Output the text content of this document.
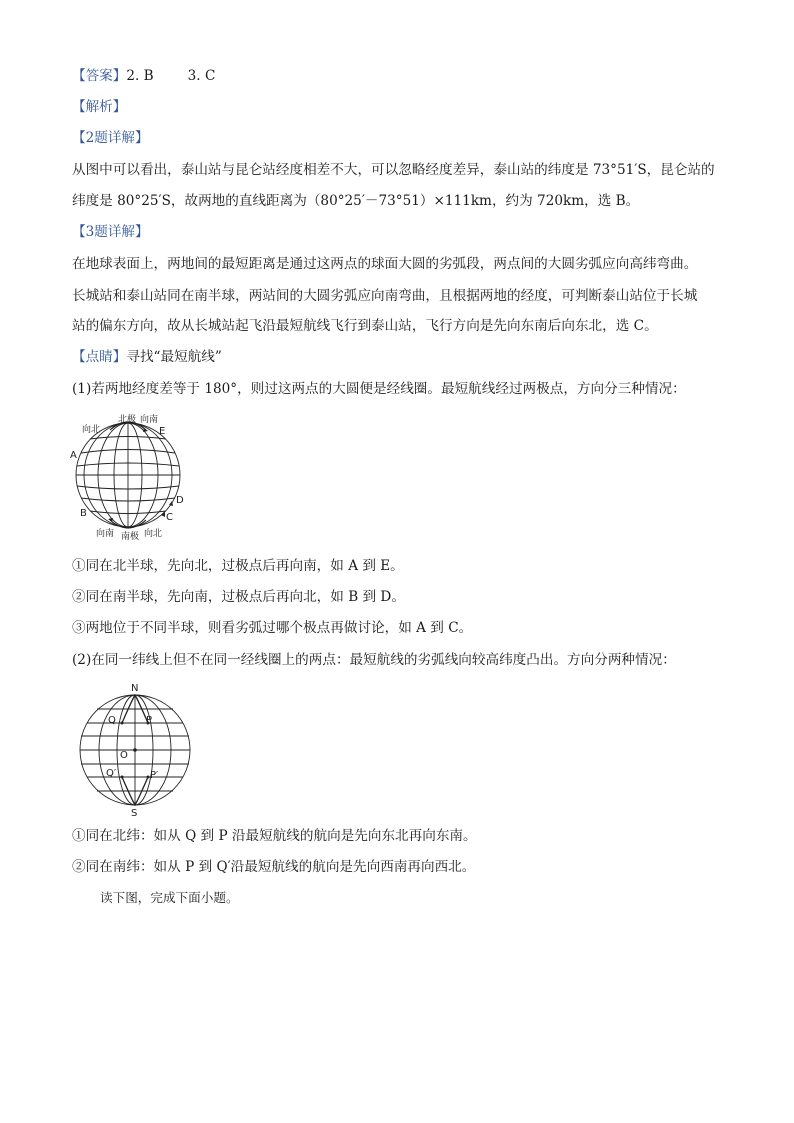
【答案】2. B	3. C
【解析】
【2题详解】
从图中可以看出，泰山站与昆仑站经度相差不大，可以忽略经度差异，泰山站的纬度是 73°51′S，昆仑站的
纬度是 80°25′S，故两地的直线距离为（80°25′－73°51）×111km，约为 720km，选 B。
【3题详解】
在地球表面上，两地间的最短距离是通过这两点的球面大圆的劣弧段，两点间的大圆劣弧应向高纬弯曲。
长城站和泰山站同在南半球，两站间的大圆劣弧应向南弯曲，且根据两地的经度，可判断泰山站位于长城
站的偏东方向，故从长城站起飞沿最短航线飞行到泰山站，飞行方向是先向东南后向东北，选 C。
【点睛】寻找“最短航线”
(1)若两地经度差等于 180°，则过这两点的大圆便是经线圈。最短航线经过两极点，方向分三种情况：
北极 向南
向北	E
A
D
B	C
向南 南极 向北
①同在北半球，先向北，过极点后再向南，如 A 到 E。
②同在南半球，先向南，过极点后再向北，如 B 到 D。
③两地位于不同半球，则看劣弧过哪个极点再做讨论，如 A 到 C。
(2)在同一纬线上但不在同一经线圈上的两点：最短航线的劣弧线向较高纬度凸出。方向分两种情况：
N
Q	P
O
Q′	P′
S
①同在北纬：如从 Q 到 P 沿最短航线的航向是先向东北再向东南。
②同在南纬：如从 P 到 Q′沿最短航线的航向是先向西南再向西北。
读下图，完成下面小题。
